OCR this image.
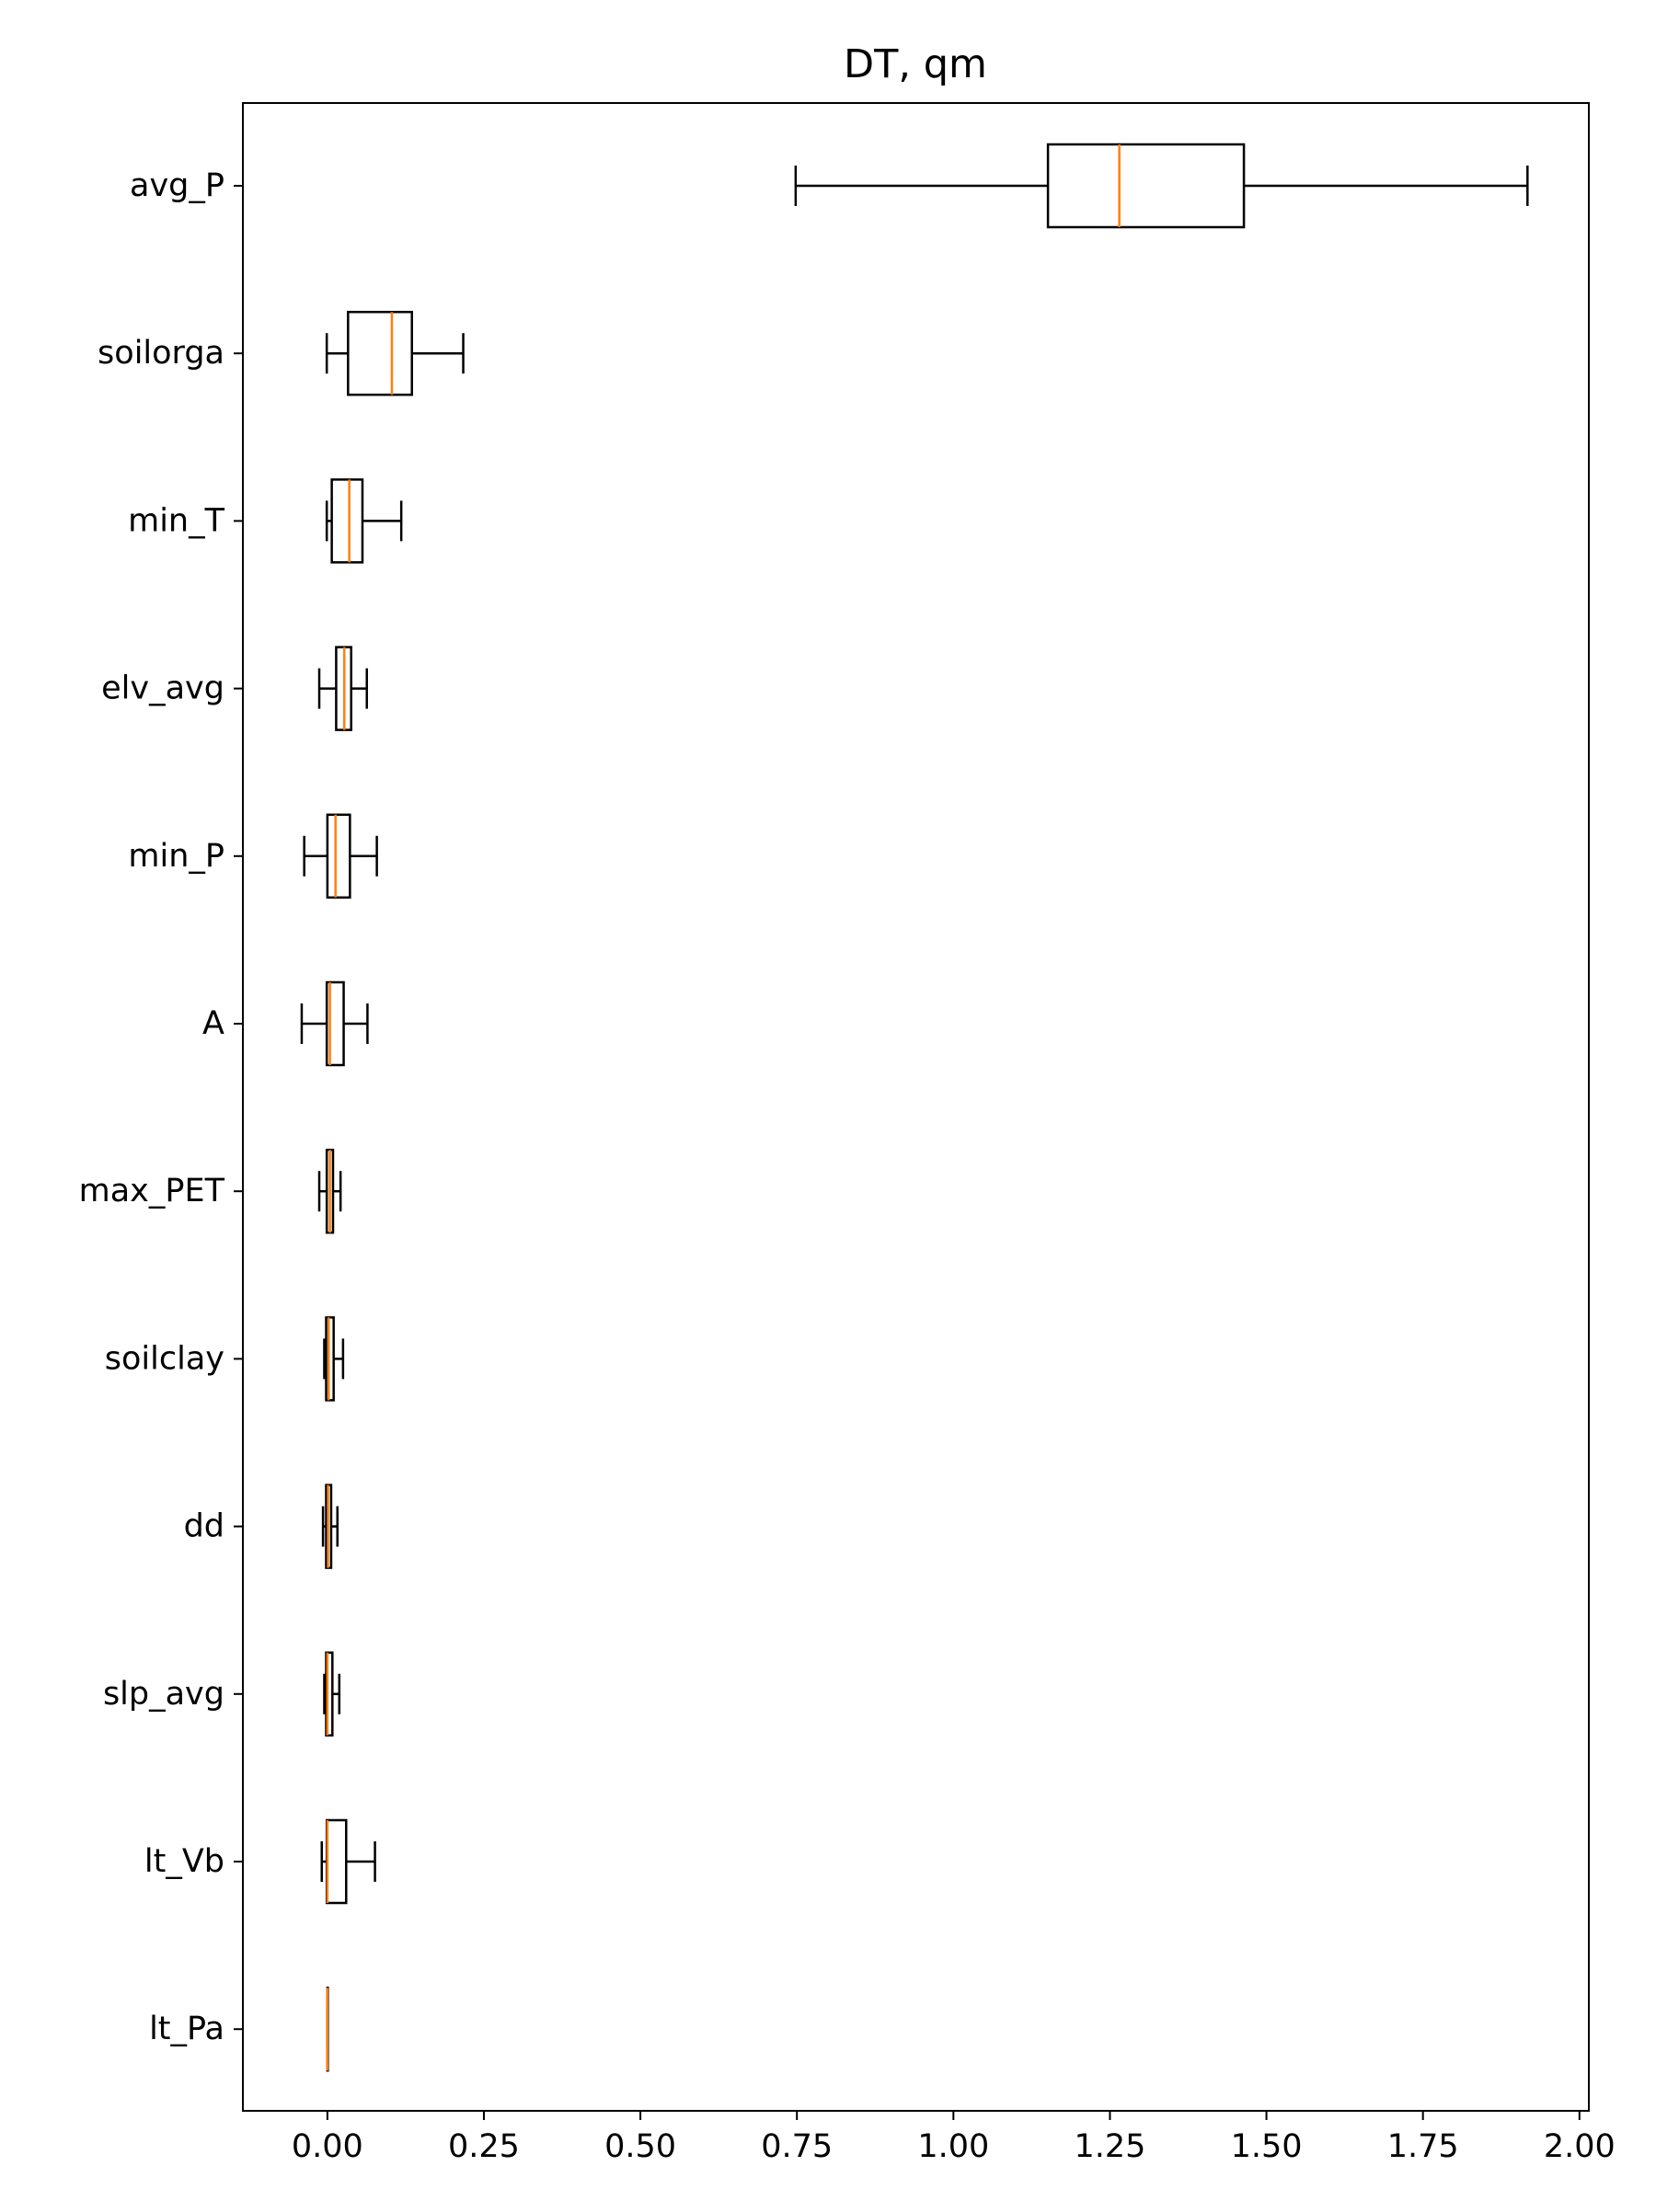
DT, qm
avg_P
soilorga
min_T
elv_avg
min_P
A
max_PET
soilclay
dd
slp_avg
lt_Vb
lt_Pa
0.00	0.25	0.50	0.75	1.00	1.25	1.50	1.75	2.00
